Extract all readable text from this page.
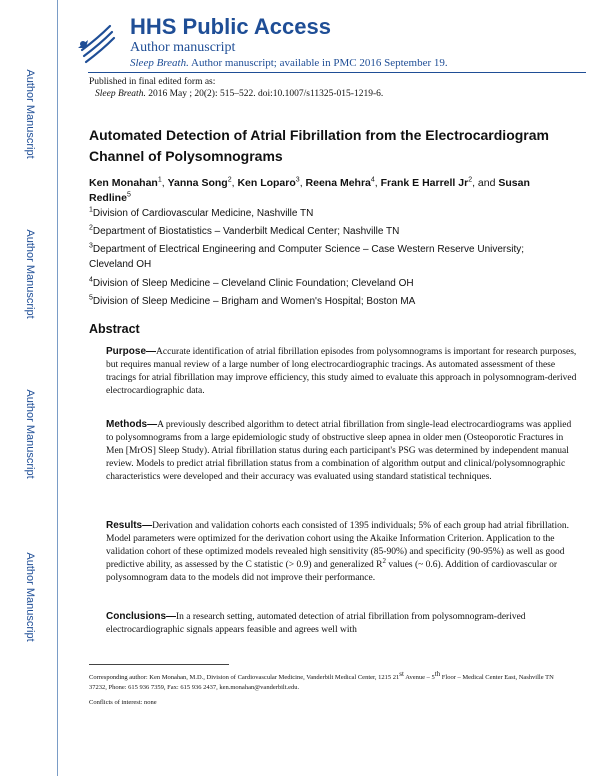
Author Manuscript
Author Manuscript
Author Manuscript
Author Manuscript
HHS Public Access
Author manuscript
Sleep Breath. Author manuscript; available in PMC 2016 September 19.
Published in final edited form as:
Sleep Breath. 2016 May ; 20(2): 515–522. doi:10.1007/s11325-015-1219-6.
Automated Detection of Atrial Fibrillation from the Electrocardiogram Channel of Polysomnograms
Ken Monahan$^1$, Yanna Song$^2$, Ken Loparo$^3$, Reena Mehra$^4$, Frank E Harrell Jr$^2$, and Susan Redline$^5$
$^1$Division of Cardiovascular Medicine, Nashville TN
$^2$Department of Biostatistics – Vanderbilt Medical Center; Nashville TN
$^3$Department of Electrical Engineering and Computer Science – Case Western Reserve University; Cleveland OH
$^4$Division of Sleep Medicine – Cleveland Clinic Foundation; Cleveland OH
$^5$Division of Sleep Medicine – Brigham and Women's Hospital; Boston MA
Abstract
Purpose—Accurate identification of atrial fibrillation episodes from polysomnograms is important for research purposes, but requires manual review of a large number of long electrocardiographic tracings. As automated assessment of these tracings for atrial fibrillation may improve efficiency, this study aimed to evaluate this approach in polysomnogram-derived electrocardiographic data.
Methods—A previously described algorithm to detect atrial fibrillation from single-lead electrocardiograms was applied to polysomnograms from a large epidemiologic study of obstructive sleep apnea in older men (Osteoporotic Fractures in Men [MrOS] Sleep Study). Atrial fibrillation status during each participant's PSG was determined by independent manual review. Models to predict atrial fibrillation status from a combination of algorithm output and clinical/polysomnographic characteristics were developed and their accuracy was evaluated using standard statistical techniques.
Results—Derivation and validation cohorts each consisted of 1395 individuals; 5% of each group had atrial fibrillation. Model parameters were optimized for the derivation cohort using the Akaike Information Criterion. Application to the validation cohort of these optimized models revealed high sensitivity (85-90%) and specificity (90-95%) as well as good predictive ability, as assessed by the C statistic (> 0.9) and generalized $R^2$ values (~ 0.6). Addition of cardiovascular or polysomnogram data to the models did not improve their performance.
Conclusions—In a research setting, automated detection of atrial fibrillation from polysomnogram-derived electrocardiographic signals appears feasible and agrees well with
Corresponding author: Ken Monahan, M.D., Division of Cardiovascular Medicine, Vanderbilt Medical Center, 1215 21st Avenue – 5th Floor – Medical Center East, Nashville TN 37232, Phone: 615 936 7359, Fax: 615 936 2437, ken.monahan@vanderbilt.edu.
Conflicts of interest: none
